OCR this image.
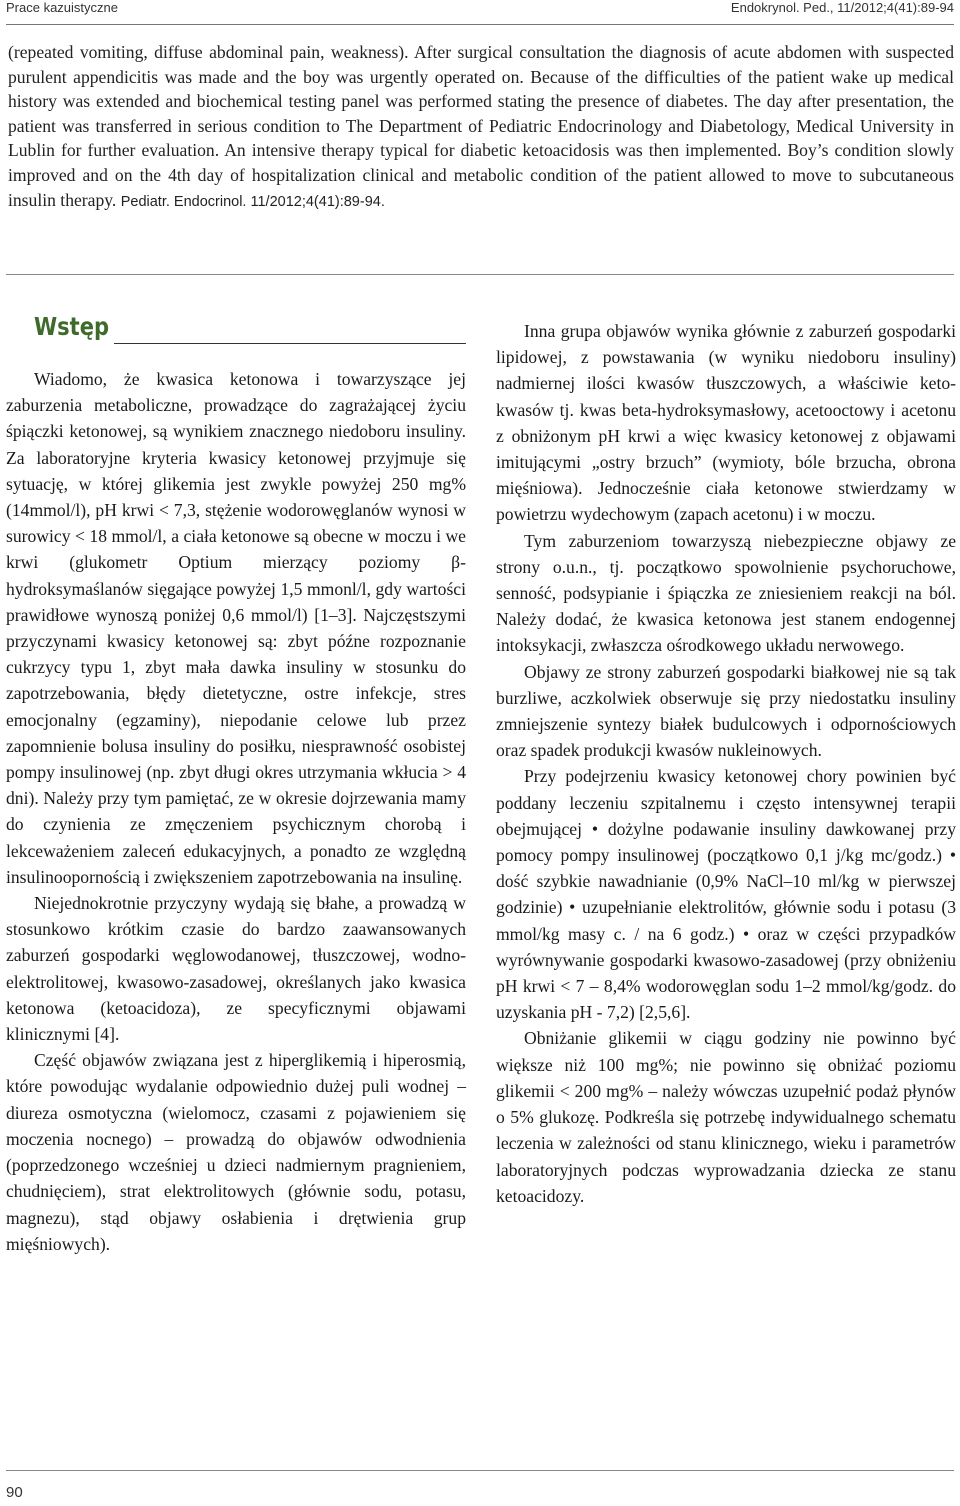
Prace kazuistyczne	Endokrynol. Ped., 11/2012;4(41):89-94
(repeated vomiting, diffuse abdominal pain, weakness). After surgical consultation the diagnosis of acute abdomen with suspected purulent appendicitis was made and the boy was urgently operated on. Because of the difficulties of the patient wake up medical history was extended and biochemical testing panel was performed stating the presence of diabetes. The day after presentation, the patient was transferred in serious condition to The Department of Pediatric Endocrinology and Diabetology, Medical University in Lublin for further evaluation. An intensive therapy typical for diabetic ketoacidosis was then implemented. Boy’s condition slowly improved and on the 4th day of hospitalization clinical and metabolic condition of the patient allowed to move to subcutaneous insulin therapy. Pediatr. Endocrinol. 11/2012;4(41):89-94.
Wstęp

Wiadomo, że kwasica ketonowa i towarzyszące jej zaburzenia metaboliczne, prowadzące do zagrażającej życiu śpiączki ketonowej, są wynikiem znacznego niedoboru insuliny. Za laboratoryjne kryteria kwasicy ketonowej przyjmuje się sytuację, w której glikemia jest zwykle powyżej 250 mg% (14mmol/l), pH krwi < 7,3, stężenie wodorowęglanów wynosi w surowicy < 18 mmol/l, a ciała ketonowe są obecne w moczu i we krwi (glukometr Optium mierzący poziomy β-hydroksymaślanów sięgające powyżej 1,5 mmonl/l, gdy wartości prawidłowe wynoszą poniżej 0,6 mmol/l) [1–3]. Najczęstszymi przyczynami kwasicy ketonowej są: zbyt późne rozpoznanie cukrzycy typu 1, zbyt mała dawka insuliny w stosunku do zapotrzebowania, błędy dietetyczne, ostre infekcje, stres emocjonalny (egzaminy), niepodanie celowe lub przez zapomnienie bolusa insuliny do posiłku, niesprawność osobistej pompy insulinowej (np. zbyt długi okres utrzymania wkłucia > 4 dni). Należy przy tym pamiętać, ze w okresie dojrzewania mamy do czynienia ze zmęczeniem psychicznym chorobą i lekceważeniem zaleceń edukacyjnych, a ponadto ze względną insulinoopornością i zwiększeniem zapotrzebowania na insulinę.

Niejednokrotnie przyczyny wydają się błahe, a prowadzą w stosunkowo krótkim czasie do bardzo zaawansowanych zaburzeń gospodarki węglowodanowej, tłuszczowej, wodno-elektrolitowej, kwasowo-zasadowej, określanych jako kwasica ketonowa (ketoacidoza), ze specyficznymi objawami klinicznymi [4].

Część objawów związana jest z hiperglikemią i hiperosmią, które powodując wydalanie odpowiednio dużej puli wodnej – diureza osmotyczna (wielomocz, czasami z pojawieniem się moczenia nocnego) – prowadzą do objawów odwodnienia (poprzedzonego wcześniej u dzieci nadmiernym pragnieniem, chudnięciem), strat elektrolitowych (głównie sodu, potasu, magnezu), stąd objawy osłabienia i drętwienia grup mięśniowych).

Inna grupa objawów wynika głównie z zaburzeń gospodarki lipidowej, z powstawania (w wyniku niedoboru insuliny) nadmiernej ilości kwasów tłuszczowych, a właściwie keto- kwasów tj. kwas beta-hydroksymasłowy, acetooctowy i acetonu z obniżonym pH krwi a więc kwasicy ketonowej z objawami imitującymi „ostry brzuch” (wymioty, bóle brzucha, obrona mięśniowa). Jednocześnie ciała ketonowe stwierdzamy w powietrzu wydechowym (zapach acetonu) i w moczu.

Tym zaburzeniom towarzyszą niebezpieczne objawy ze strony o.u.n., tj. początkowo spowolnienie psychoruchowe, senność, podsypianie i śpiączka ze zniesieniem reakcji na ból. Należy dodać, że kwasica ketonowa jest stanem endogennej intoksykacji, zwłaszcza ośrodkowego układu nerwowego.

Objawy ze strony zaburzeń gospodarki białkowej nie są tak burzliwe, aczkolwiek obserwuje się przy niedostatku insuliny zmniejszenie syntezy białek budulcowych i odpornościowych oraz spadek produkcji kwasów nukleinowych.

Przy podejrzeniu kwasicy ketonowej chory powinien być poddany leczeniu szpitalnemu i często intensywnej terapii obejmującej • dożylne podawanie insuliny dawkowanej przy pomocy pompy insulinowej (początkowo 0,1 j/kg mc/godz.) • dość szybkie nawadnianie (0,9% NaCl–10 ml/kg w pierwszej godzinie) • uzupełnianie elektrolitów, głównie sodu i potasu (3 mmol/kg masy c. / na 6 godz.) • oraz w części przypadków wyrównywanie gospodarki kwasowo-zasadowej (przy obniżeniu pH krwi < 7 – 8,4% wodorowęglan sodu 1–2 mmol/kg/godz. do uzyskania pH - 7,2) [2,5,6].

Obniżanie glikemii w ciągu godziny nie powinno być większe niż 100 mg%; nie powinno się obniżać poziomu glikemii < 200 mg% – należy wówczas uzupełnić podaż płynów o 5% glukozę. Podkreśla się potrzebę indywidualnego schematu leczenia w zależności od stanu klinicznego, wieku i parametrów laboratoryjnych podczas wyprowadzania dziecka ze stanu ketoacidozy.

90
